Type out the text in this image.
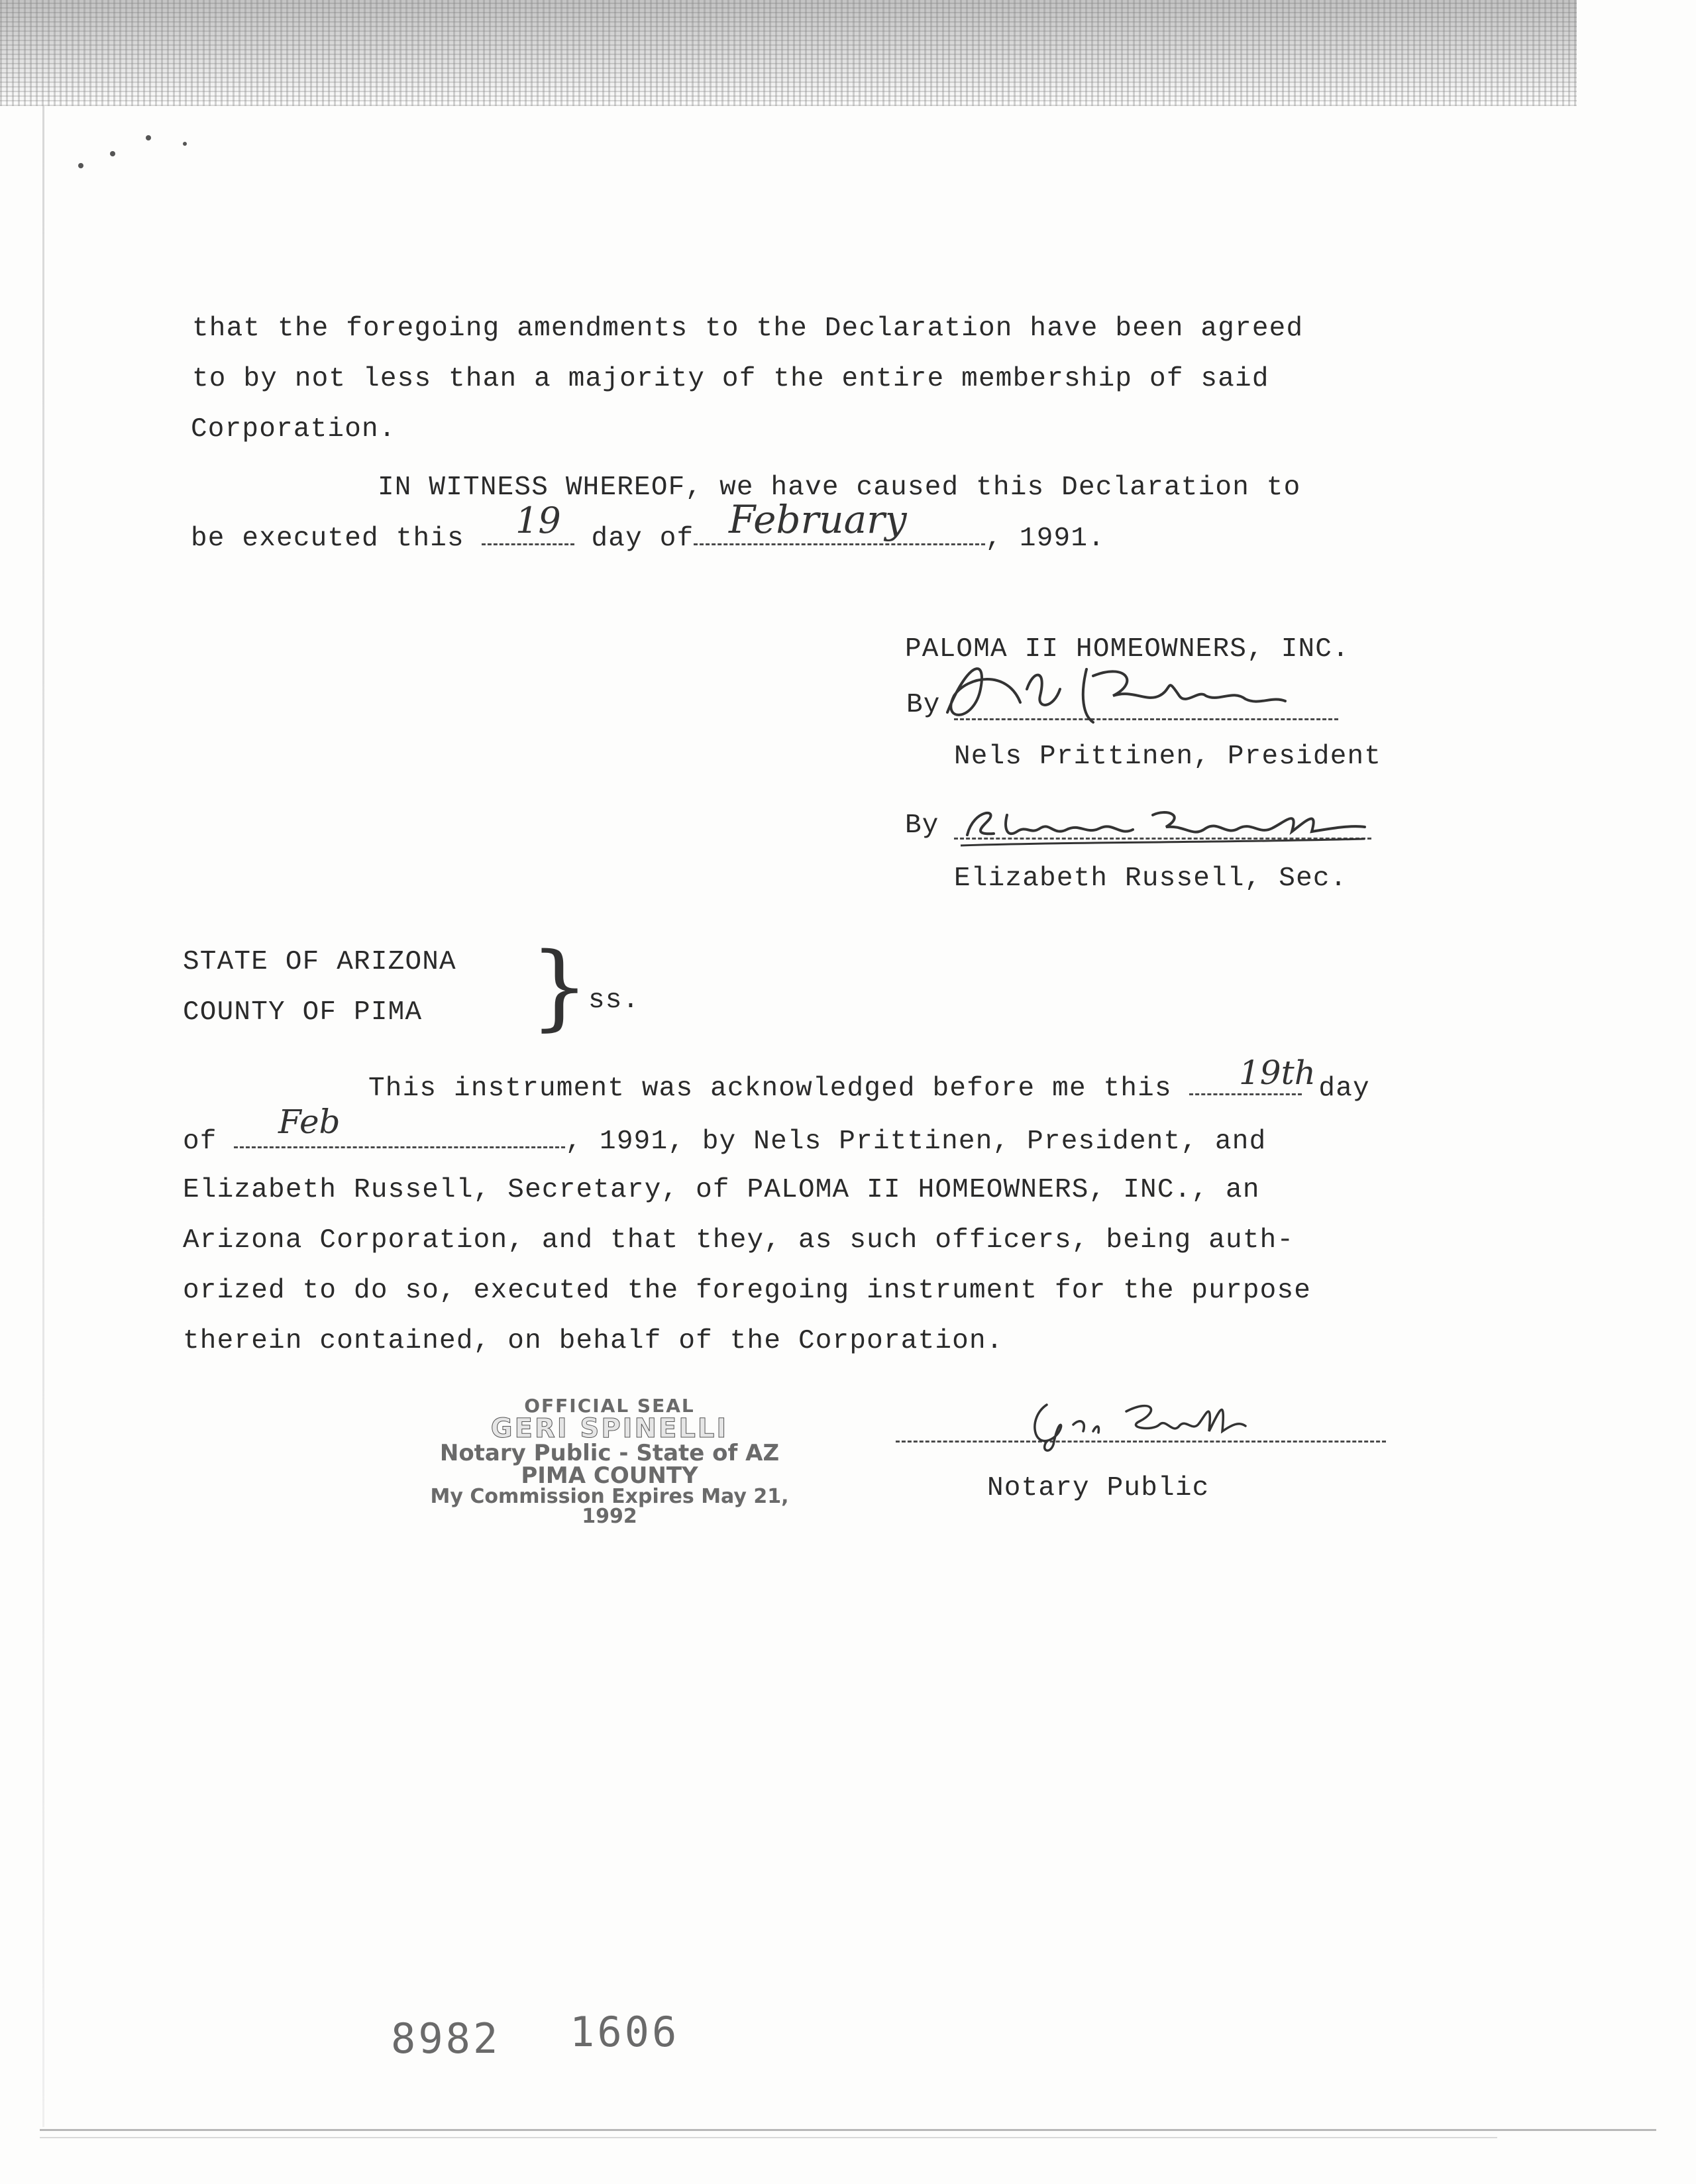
that the foregoing amendments to the Declaration have been agreed
to by not less than a majority of the entire membership of said
Corporation.
IN WITNESS WHEREOF, we have caused this Declaration to
be executed this	day of	, 1991.
19	February
PALOMA II HOMEOWNERS, INC.
By
Nels Prittinen, President
By
Elizabeth Russell, Sec.
STATE OF ARIZONA
COUNTY OF PIMA }
ss.
This instrument was acknowledged before me this	day
19th
of	, 1991, by Nels Prittinen, President, and
Feb
Elizabeth Russell, Secretary, of PALOMA II HOMEOWNERS, INC., an
Arizona Corporation, and that they, as such officers, being auth-
orized to do so, executed the foregoing instrument for the purpose
therein contained, on behalf of the Corporation.
OFFICIAL SEAL
GERI SPINELLI
Notary Public - State of AZ
PIMA COUNTY
My Commission Expires May 21, 1992
Notary Public
8982 1606
